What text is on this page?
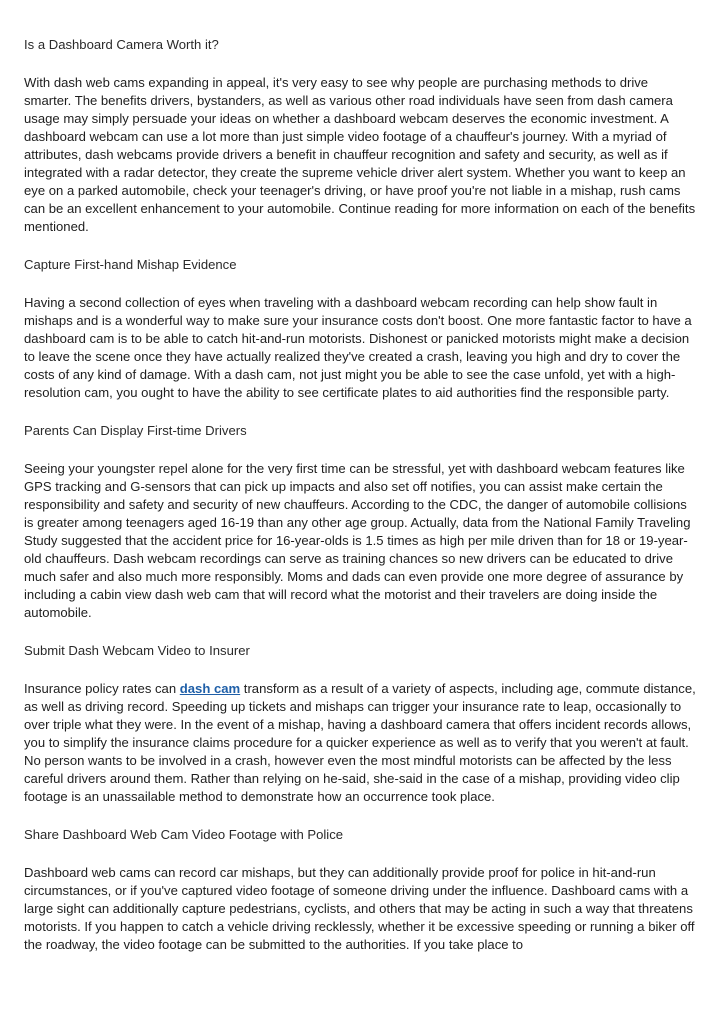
Is a Dashboard Camera Worth it?
With dash web cams expanding in appeal, it's very easy to see why people are purchasing methods to drive smarter. The benefits drivers, bystanders, as well as various other road individuals have seen from dash camera usage may simply persuade your ideas on whether a dashboard webcam deserves the economic investment. A dashboard webcam can use a lot more than just simple video footage of a chauffeur's journey. With a myriad of attributes, dash webcams provide drivers a benefit in chauffeur recognition and safety and security, as well as if integrated with a radar detector, they create the supreme vehicle driver alert system. Whether you want to keep an eye on a parked automobile, check your teenager's driving, or have proof you're not liable in a mishap, rush cams can be an excellent enhancement to your automobile. Continue reading for more information on each of the benefits mentioned.
Capture First-hand Mishap Evidence
Having a second collection of eyes when traveling with a dashboard webcam recording can help show fault in mishaps and is a wonderful way to make sure your insurance costs don't boost. One more fantastic factor to have a dashboard cam is to be able to catch hit-and-run motorists. Dishonest or panicked motorists might make a decision to leave the scene once they have actually realized they've created a crash, leaving you high and dry to cover the costs of any kind of damage. With a dash cam, not just might you be able to see the case unfold, yet with a high-resolution cam, you ought to have the ability to see certificate plates to aid authorities find the responsible party.
Parents Can Display First-time Drivers
Seeing your youngster repel alone for the very first time can be stressful, yet with dashboard webcam features like GPS tracking and G-sensors that can pick up impacts and also set off notifies, you can assist make certain the responsibility and safety and security of new chauffeurs. According to the CDC, the danger of automobile collisions is greater among teenagers aged 16-19 than any other age group. Actually, data from the National Family Traveling Study suggested that the accident price for 16-year-olds is 1.5 times as high per mile driven than for 18 or 19-year-old chauffeurs. Dash webcam recordings can serve as training chances so new drivers can be educated to drive much safer and also much more responsibly. Moms and dads can even provide one more degree of assurance by including a cabin view dash web cam that will record what the motorist and their travelers are doing inside the automobile.
Submit Dash Webcam Video to Insurer
Insurance policy rates can dash cam transform as a result of a variety of aspects, including age, commute distance, as well as driving record. Speeding up tickets and mishaps can trigger your insurance rate to leap, occasionally to over triple what they were. In the event of a mishap, having a dashboard camera that offers incident records allows, you to simplify the insurance claims procedure for a quicker experience as well as to verify that you weren't at fault. No person wants to be involved in a crash, however even the most mindful motorists can be affected by the less careful drivers around them. Rather than relying on he-said, she-said in the case of a mishap, providing video clip footage is an unassailable method to demonstrate how an occurrence took place.
Share Dashboard Web Cam Video Footage with Police
Dashboard web cams can record car mishaps, but they can additionally provide proof for police in hit-and-run circumstances, or if you've captured video footage of someone driving under the influence. Dashboard cams with a large sight can additionally capture pedestrians, cyclists, and others that may be acting in such a way that threatens motorists. If you happen to catch a vehicle driving recklessly, whether it be excessive speeding or running a biker off the roadway, the video footage can be submitted to the authorities. If you take place to
